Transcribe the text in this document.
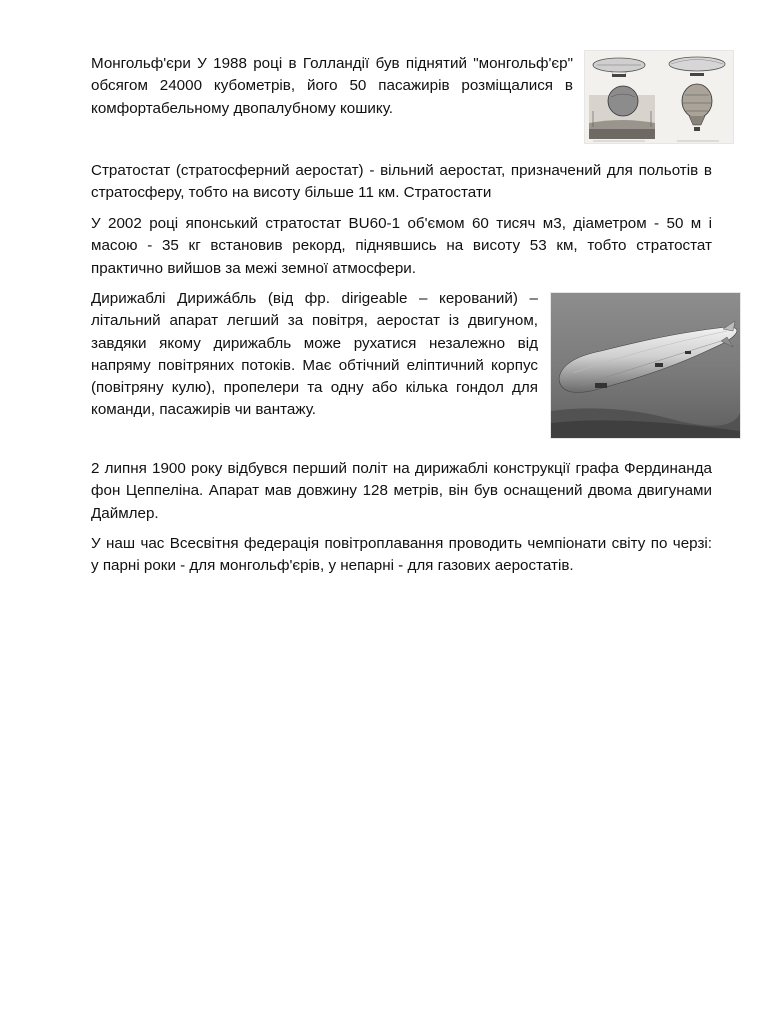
Монгольф'єри У 1988 році в Голландії був піднятий "монгольф'єр" обсягом 24000 кубометрів, його 50 пасажирів розміщалися в комфортабельному двопалубному кошику.

Стратостат (стратосферний аеростат) - вільний аеростат, призначений для польотів в стратосферу, тобто на висоту більше 11 км. Стратостати

У 2002 році японський стратостат BU60-1 об'ємом 60 тисяч м3, діаметром - 50 м і масою - 35 кг встановив рекорд, піднявшись на висоту 53 км, тобто стратостат практично вийшов за межі земної атмосфери.

Дирижаблі Дирижáбль (від фр. dirigeable – керований) – літальний апарат легший за повітря, аеростат із двигуном, завдяки якому дирижабль може рухатися незалежно від напряму повітряних потоків. Має обтічний еліптичний корпус (повітряну кулю), пропелери та одну або кілька гондол для команди, пасажирів чи вантажу.

2 липня 1900 року відбувся перший політ на дирижаблі конструкції графа Фердинанда фон Цеппеліна. Апарат мав довжину 128 метрів, він був оснащений двома двигунами Даймлер.

У наш час Всесвітня федерація повітроплавання проводить чемпіонати світу по черзі: у парні роки - для монгольф'єрів, у непарні - для газових аеростатів.
